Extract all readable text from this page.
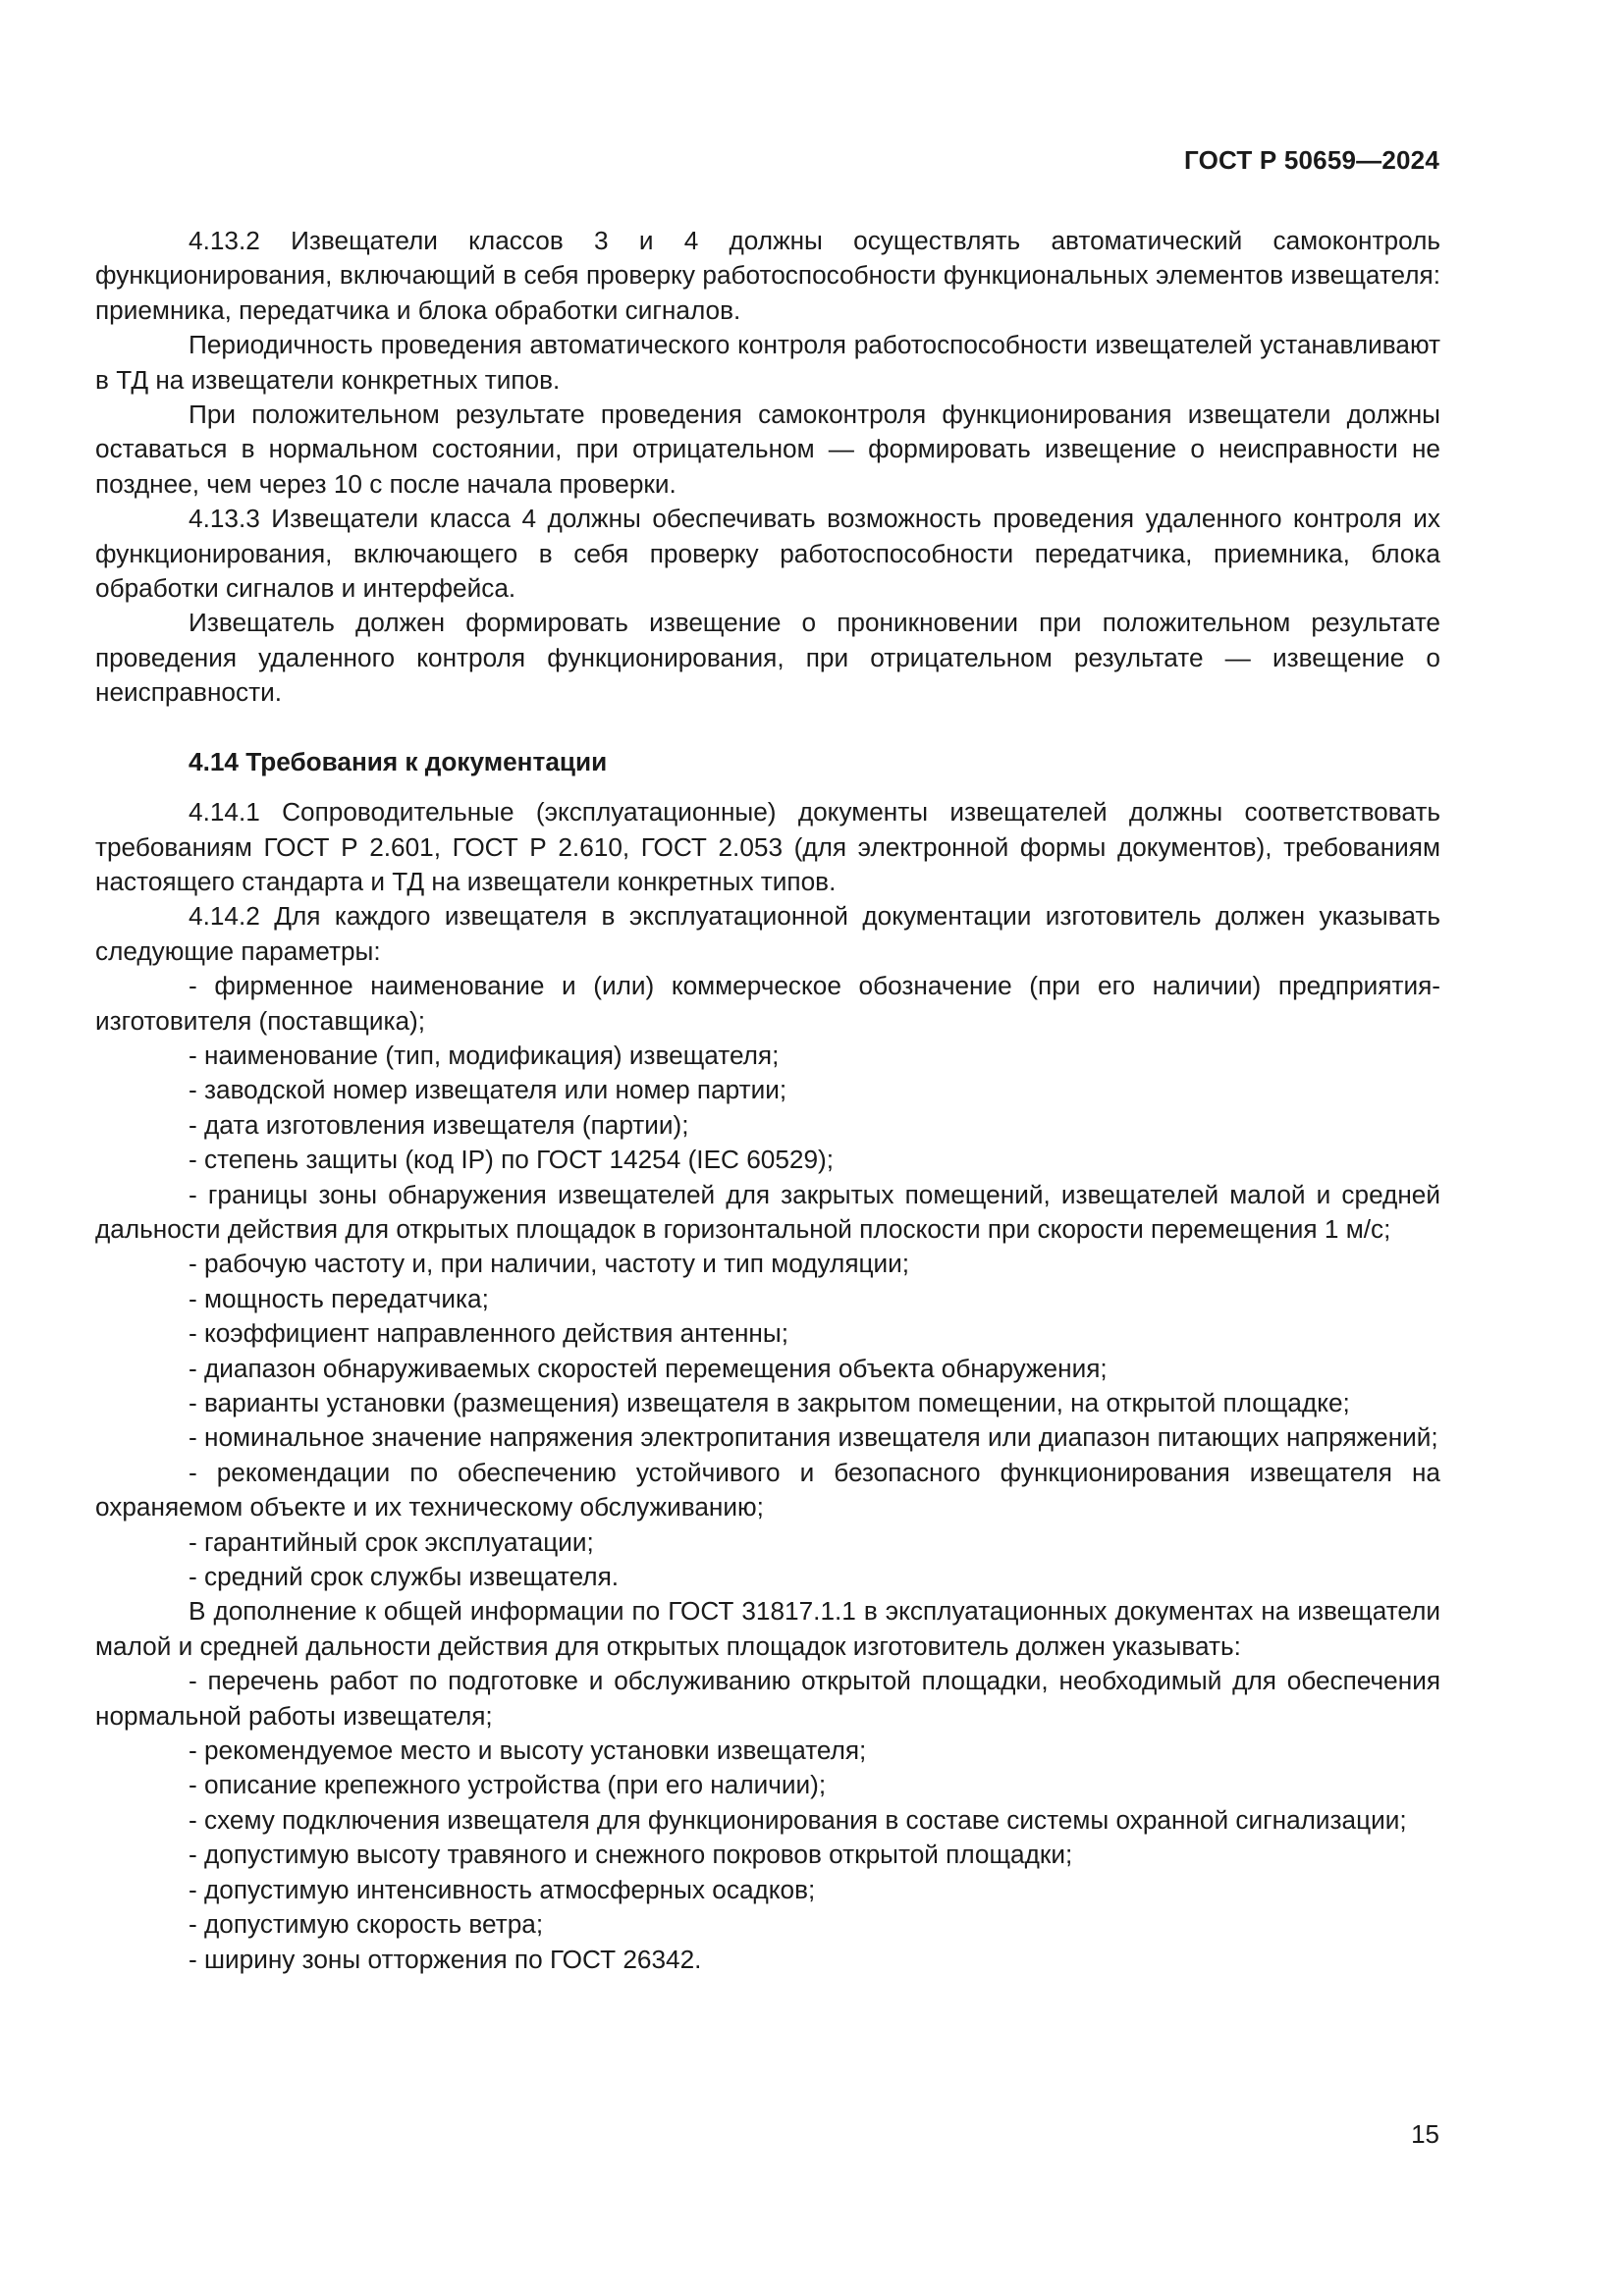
ГОСТ Р 50659—2024

4.13.2 Извещатели классов 3 и 4 должны осуществлять автоматический самоконтроль функционирования, включающий в себя проверку работоспособности функциональных элементов извещателя: приемника, передатчика и блока обработки сигналов.

Периодичность проведения автоматического контроля работоспособности извещателей устанавливают в ТД на извещатели конкретных типов.

При положительном результате проведения самоконтроля функционирования извещатели должны оставаться в нормальном состоянии, при отрицательном — формировать извещение о неисправности не позднее, чем через 10 с после начала проверки.

4.13.3 Извещатели класса 4 должны обеспечивать возможность проведения удаленного контроля их функционирования, включающего в себя проверку работоспособности передатчика, приемника, блока обработки сигналов и интерфейса.

Извещатель должен формировать извещение о проникновении при положительном результате проведения удаленного контроля функционирования, при отрицательном результате — извещение о неисправности.

4.14 Требования к документации

4.14.1 Сопроводительные (эксплуатационные) документы извещателей должны соответствовать требованиям ГОСТ Р 2.601, ГОСТ Р 2.610, ГОСТ 2.053 (для электронной формы документов), требованиям настоящего стандарта и ТД на извещатели конкретных типов.

4.14.2 Для каждого извещателя в эксплуатационной документации изготовитель должен указывать следующие параметры:

- фирменное наименование и (или) коммерческое обозначение (при его наличии) предприятия-изготовителя (поставщика);

- наименование (тип, модификация) извещателя;

- заводской номер извещателя или номер партии;

- дата изготовления извещателя (партии);

- степень защиты (код IP) по ГОСТ 14254 (IEC 60529);

- границы зоны обнаружения извещателей для закрытых помещений, извещателей малой и средней дальности действия для открытых площадок в горизонтальной плоскости при скорости перемещения 1 м/с;

- рабочую частоту и, при наличии, частоту и тип модуляции;

- мощность передатчика;

- коэффициент направленного действия антенны;

- диапазон обнаруживаемых скоростей перемещения объекта обнаружения;

- варианты установки (размещения) извещателя в закрытом помещении, на открытой площадке;

- номинальное значение напряжения электропитания извещателя или диапазон питающих напряжений;

- рекомендации по обеспечению устойчивого и безопасного функционирования извещателя на охраняемом объекте и их техническому обслуживанию;

- гарантийный срок эксплуатации;

- средний срок службы извещателя.

В дополнение к общей информации по ГОСТ 31817.1.1 в эксплуатационных документах на извещатели малой и средней дальности действия для открытых площадок изготовитель должен указывать:

- перечень работ по подготовке и обслуживанию открытой площадки, необходимый для обеспечения нормальной работы извещателя;

- рекомендуемое место и высоту установки извещателя;

- описание крепежного устройства (при его наличии);

- схему подключения извещателя для функционирования в составе системы охранной сигнализации;

- допустимую высоту травяного и снежного покровов открытой площадки;

- допустимую интенсивность атмосферных осадков;

- допустимую скорость ветра;

- ширину зоны отторжения по ГОСТ 26342.

15
